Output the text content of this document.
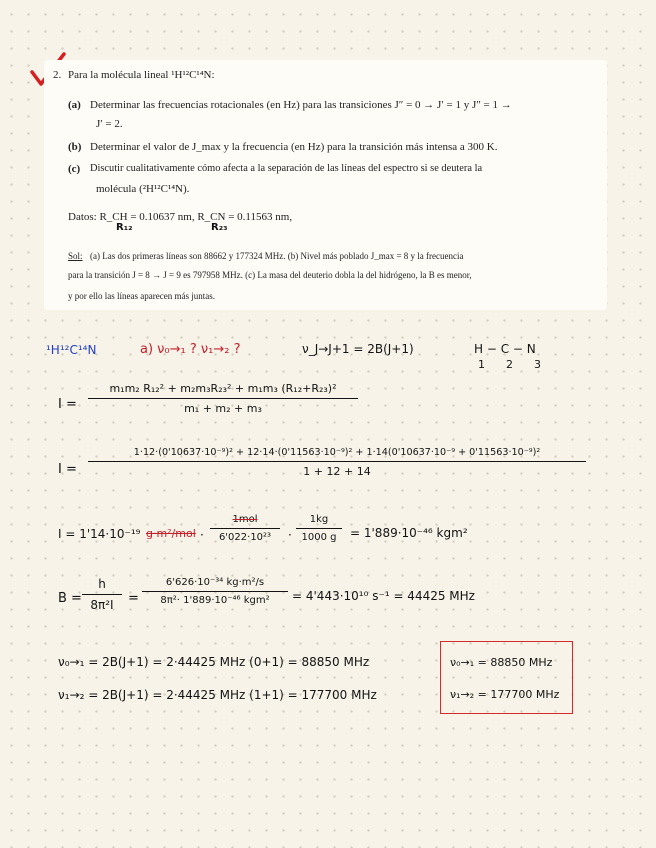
2. Para la molécula lineal ¹H¹²C¹⁴N:
(a) Determinar las frecuencias rotacionales (en Hz) para las transiciones J″ = 0 → J′ = 1 y J″ = 1 →
J′ = 2.
(b) Determinar el valor de J_max y la frecuencia (en Hz) para la transición más intensa a 300 K.
(c) Discutir cualitativamente cómo afecta a la separación de las líneas del espectro si se deutera la
molécula (²H¹²C¹⁴N).
Datos: R_CH = 0.10637 nm, R_CN = 0.11563 nm,
R₁₂	R₂₃
Sol: (a) Las dos primeras líneas son 88662 y 177324 MHz. (b) Nivel más poblado J_max = 8 y la frecuencia
para la transición J = 8 → J = 9 es 797958 MHz. (c) La masa del deuterio dobla la del hidrógeno, la B es menor,
y por ello las líneas aparecen más juntas.
¹H¹²C¹⁴N	a) ν₀→₁ ? ν₁→₂ ?	ν_J→J+1 = 2B(J+1)	H − C − N
1      2      3
I =
m₁m₂ R₁₂² + m₂m₃R₂₃² + m₁m₃ (R₁₂+R₂₃)²
m₁ + m₂ + m₃
I =
1·12·(0'10637·10⁻⁹)² + 12·14·(0'11563·10⁻⁹)² + 1·14(0'10637·10⁻⁹ + 0'11563·10⁻⁹)²
1 + 12 + 14
I = 1'14·10⁻¹⁹ g·m²/mol ·
1mol
6'022·10²³ ·
1kg
1000 g = 1'889·10⁻⁴⁶ kgm²
B =
h
8π²I =
6'626·10⁻³⁴ kg·m²/s
8π²· 1'889·10⁻⁴⁶ kgm² = 4'443·10¹⁰ s⁻¹ = 44425 MHz
ν₀→₁ = 2B(J+1) = 2·44425 MHz (0+1) = 88850 MHz
ν₁→₂ = 2B(J+1) = 2·44425 MHz (1+1) = 177700 MHz
ν₀→₁ = 88850 MHz
ν₁→₂ = 177700 MHz
